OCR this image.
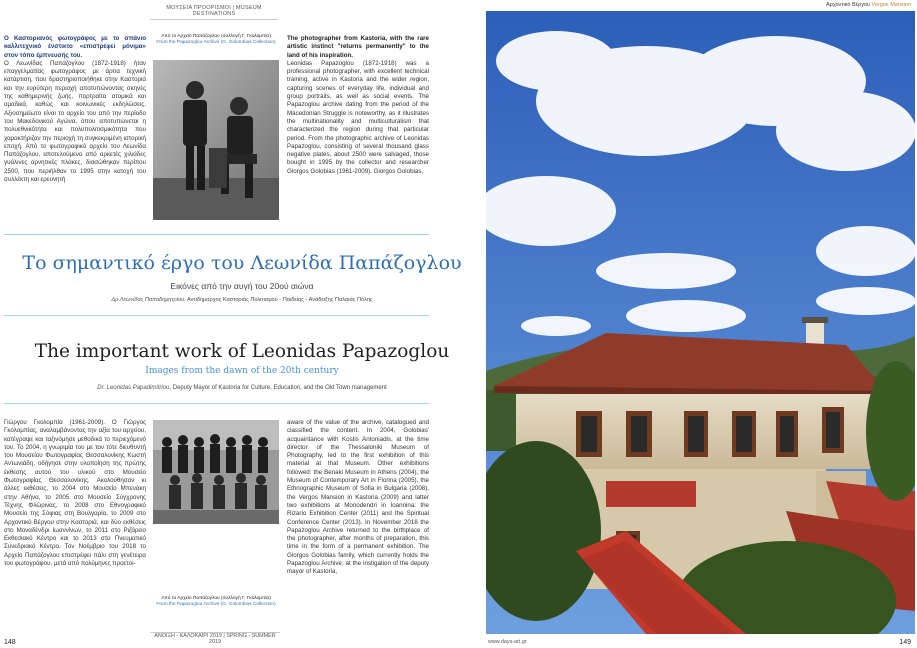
ΜΟΥΣΕΙΑ ΠΡΟΟΡΙΣΜΟΙ | MUSEUM DESTINATIONS

Ο Καστοριανός φωτογράφος με το σπάνιο καλλιτεχνικό ένστικτο «επιστρέφει μόνιμα» στον τόπο έμπνευσής του.

Ο Λεωνίδας Παπάζογλου (1872-1918) ήταν επαγγελματίας φωτογράφος με άρτια τεχνική κατάρτιση, που δραστηριοποιήθηκε στην Καστοριά και την ευρύτερη περιοχή αποτυπώνοντας σκηνές της καθημερινής ζωής, πορτραίτα ατομικά και ομαδικά, καθώς και κοινωνικές εκδηλώσεις. Αξιοσημείωτο είναι το αρχείο του από την περίοδο του Μακεδονικού Αγώνα, όπου αποτυπώνεται η πολυεθνικότητα και πολυπολιτισμικότητα που χαρακτήριζαν την περιοχή τη συγκεκριμένη ιστορική εποχή. Από το φωτογραφικό αρχείο του Λεωνίδα Παπάζογλου, αποτελούμενο από αρκετές χιλιάδες γυάλινες αρνητικές πλάκες, διασώθηκαν περίπου 2500, που περιήλθαν το 1995 στην κατοχή του συλλέκτη και ερευνητή

Από το Αρχείο Παπάζογλου (συλλογή Γ. Γκολομπία)
From the Papazoglou Archive (G. Golombias Collection)

The photographer from Kastoria, with the rare artistic instinct "returns permanently" to the land of his inspiration.

Leonidas Papazoglou (1872-1918) was a professional photographer, with excellent technical training, active in Kastoria and the wider region, capturing scenes of everyday life, individual and group portraits, as well as social events. The Papazoglou archive dating from the period of the Macedonian Struggle is noteworthy, as it illustrates the multinationality and multiculturalism that characterized the region during that particular period. From the photographic archive of Leonidas Papazoglou, consisting of several thousand glass negative plates, about 2500 were salvaged, those bought in 1995 by the collector and researcher Giorgos Golobias (1961-2009). Giorgos Golobias,

Το σημαντικό έργο του Λεωνίδα Παπάζογλου
Εικόνες από την αυγή του 20ού αιώνα
Δρ Λεωνίδας Παπαδημητρίου, Αντιδήμαρχος Καστοριάς Πολιτισμού - Παιδείας - Ανάδειξης Παλαιάς Πόλης
The important work of Leonidas Papazoglou
Images from the dawn of the 20th century
Dr. Leonidas Papadimitriou, Deputy Mayor of Kastoria for Culture, Education, and the Old Town management

Γιώργου Γκολομπία (1961-2009). Ο Γιώργος Γκολομπίας, αναλαμβάνοντας την αξία του αρχείου, κατέγραψε και ταξινόμησε μεθοδικά το περιεχόμενό του. Το 2004, η γνωριμία του με τον τότε διευθυντή του Μουσείου Φωτογραφίας Θεσσαλονίκης Κωστή Αντωνιάδη, οδήγησε στην υλοποίηση της πρώτης έκθεσης αυτού του υλικού στο Μουσείο Φωτογραφίας Θεσσαλονίκης. Ακολούθησαν κι άλλες εκθέσεις, το 2004 στο Μουσείο Μπενάκη στην Αθήνα, το 2005 στο Μουσείο Σύγχρονης Τέχνης Φλώρινας, το 2008 στο Εθνογραφικό Μουσείο της Σόφιας στη Βουλγαρία, το 2009 στο Αρχοντικό Βέργου στην Καστοριά, και δύο εκθέσεις στο Μοναδένδρι Ιωαννίνων, το 2011 στο Ριζάρειο Εκθεσιακό Κέντρο και το 2013 στο Πνευματικό Συνεδριακό Κέντρο. Τον Νοέμβριο του 2018 το Αρχείο Παπάζογλου επιστρέφει πάλι στη γενέτειρα του φωτογράφου, μετά από πολύμηνες προετοι-

Από το Αρχείο Παπάζογλου (συλλογή Γ. Γκολομπία)
From the Papazoglou Archive (G. Golombias Collection)

aware of the value of the archive, catalogued and classified the content. In 2004, Golobias' acquaintance with Kostis Antoniadis, at the time director of the Thessaloniki Museum of Photography, led to the first exhibition of this material at that Museum. Other exhibitions followed: the Benaki Museum in Athens (2004), the Museum of Contemporary Art in Florina (2005), the Ethnographic Museum of Sofia in Bulgaria (2008), the Vergos Mansion in Kastoria (2009) and latter two exhibitions at Monodendri in Ioannina: the Rizario Exhibition Center (2011) and the Spiritual Conference Center (2013). In November 2018 the Papazoglou Archive returned to the birthplace of the photographer, after months of preparation, this time in the form of a permanent exhibition. The Giorgos Golobias family, which currently holds the Papazoglou Archive, at the instigation of the deputy mayor of Kastoria,

ΑΝΟΙΞΗ - ΚΑΛΟΚΑΙΡΙ 2019 | SPRING - SUMMER 2019
148
Αρχοντικό Βέργου Vergos Mansion
www.days-art.gr	149
